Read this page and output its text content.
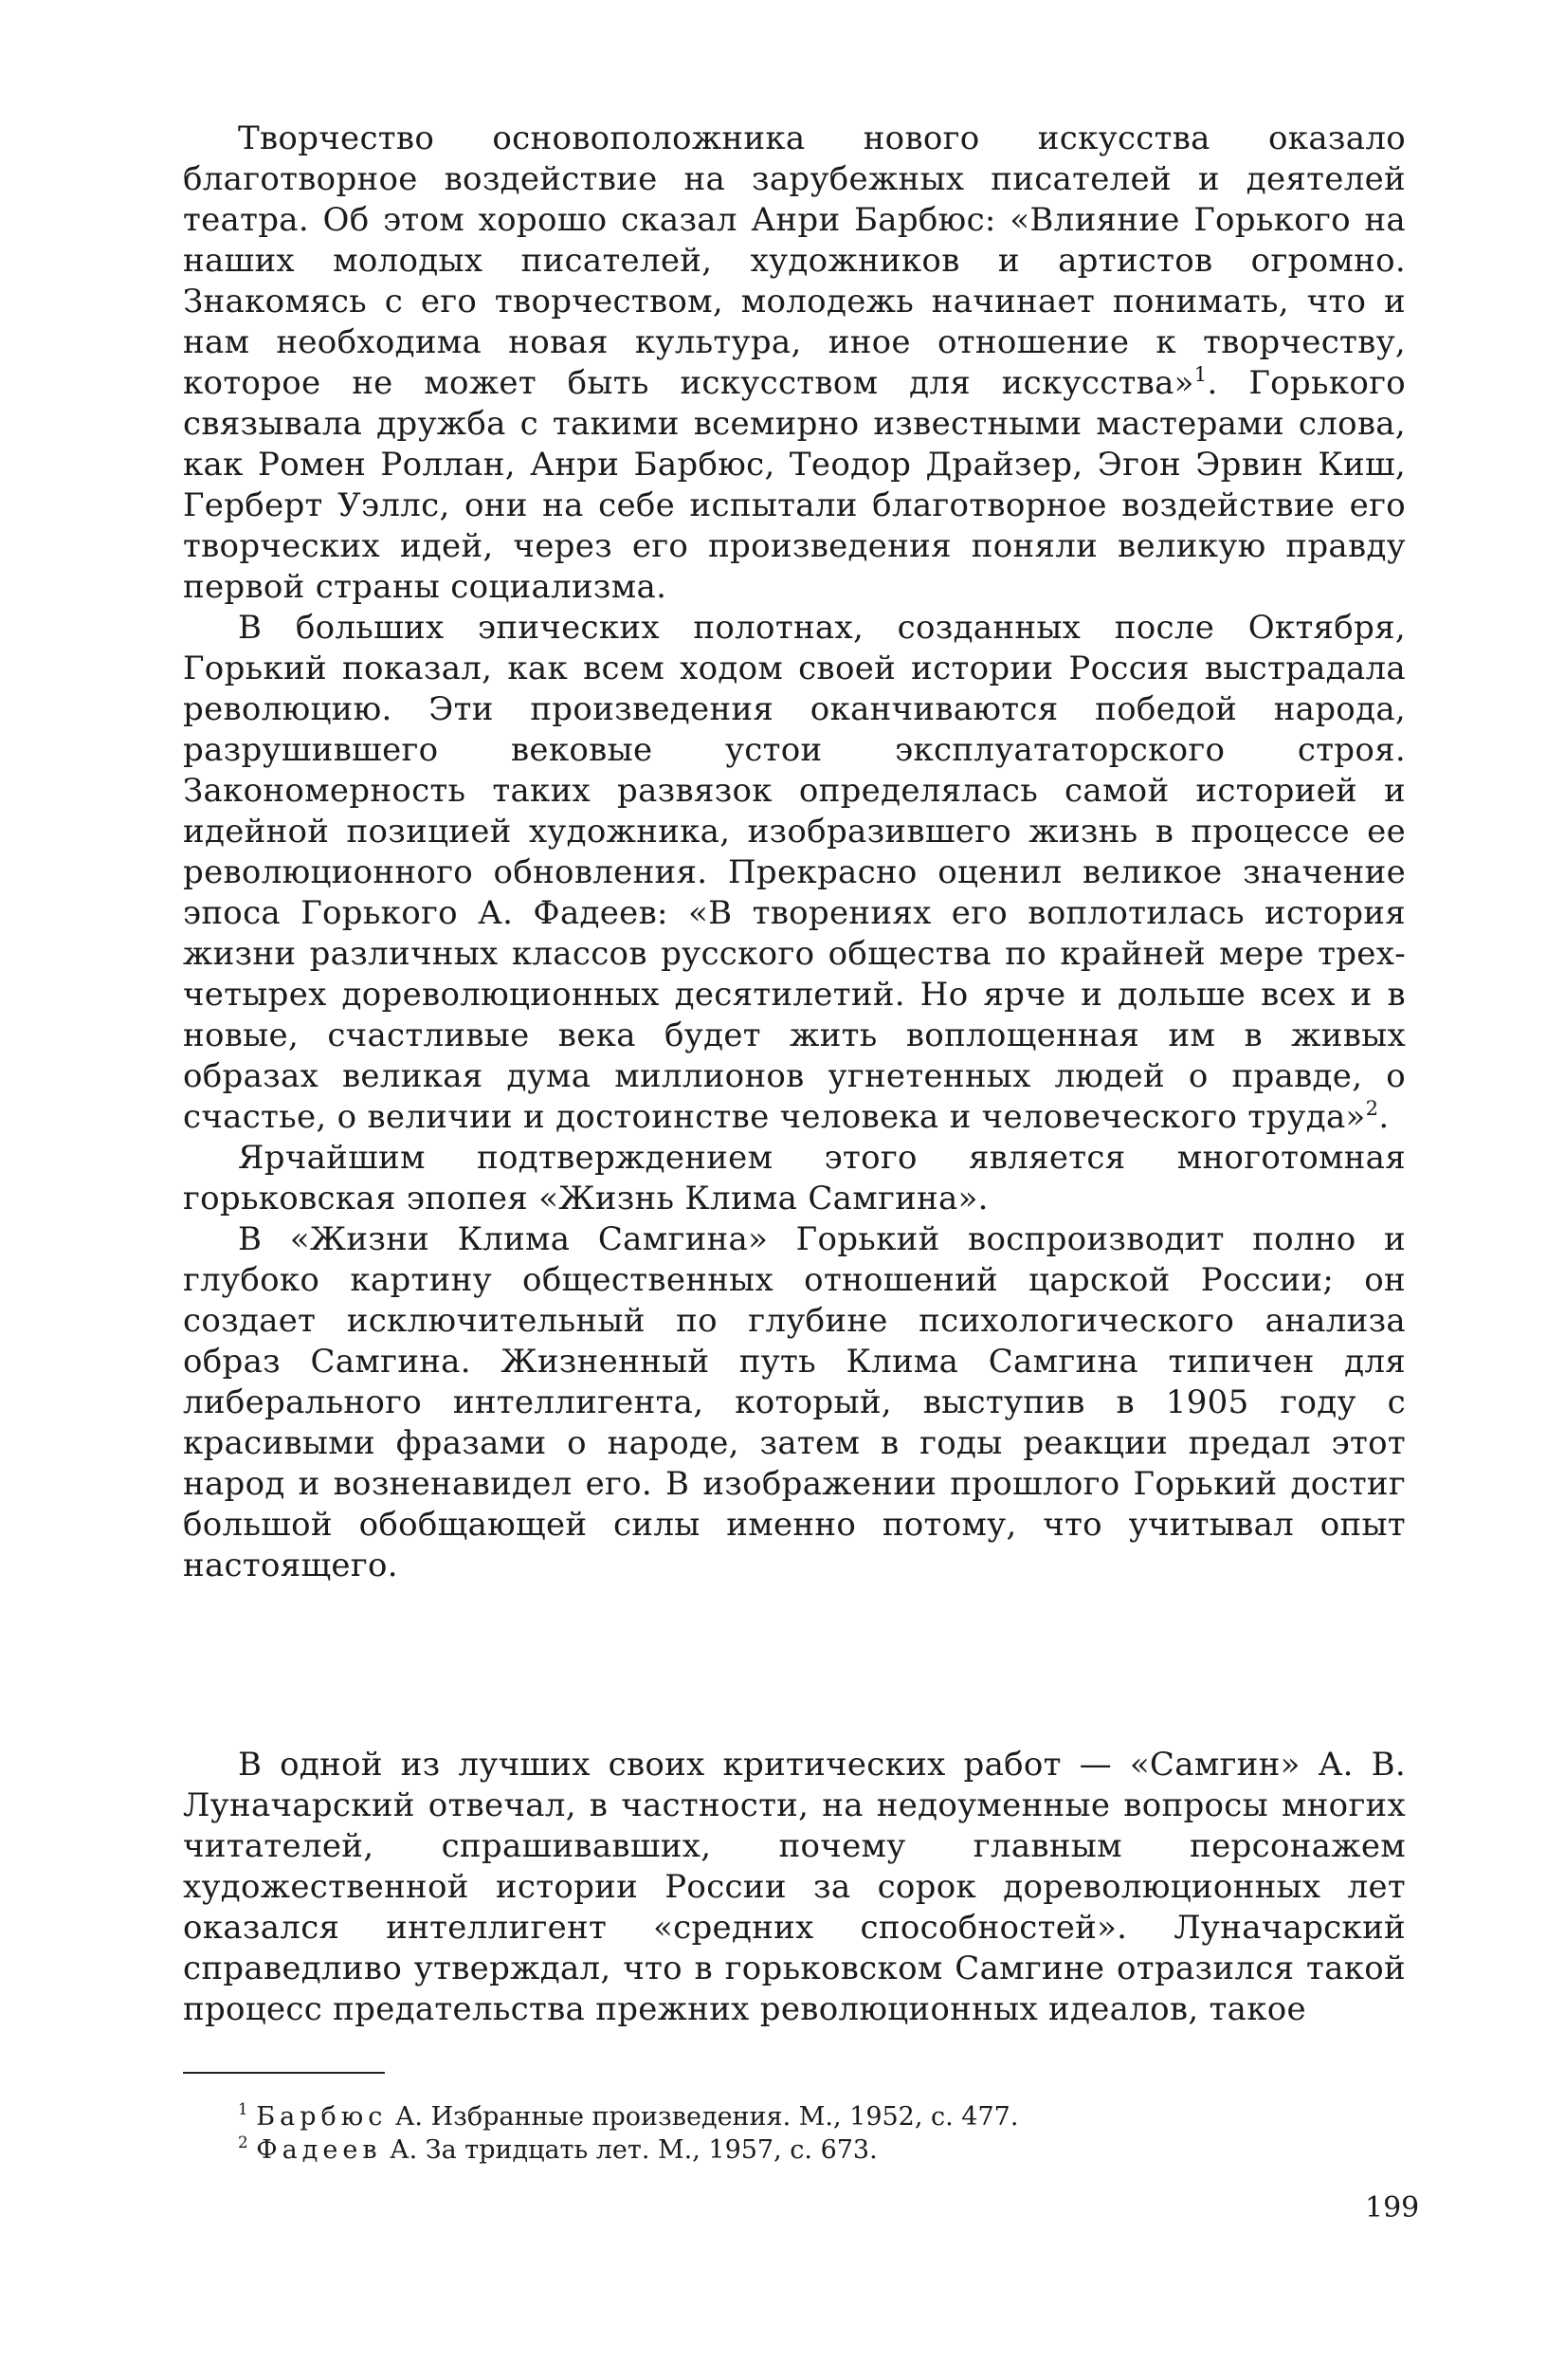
Творчество основоположника нового искусства оказало благотворное воздействие на зарубежных писателей и деятелей театра. Об этом хорошо сказал Анри Барбюс: «Влияние Горького на наших молодых писателей, художников и артистов огромно. Знакомясь с его творчеством, молодежь начинает понимать, что и нам необходима новая культура, иное отношение к творчеству, которое не может быть искусством для искусства»$^1$. Горького связывала дружба с такими всемирно известными мастерами слова, как Ромен Роллан, Анри Барбюс, Теодор Драйзер, Эгон Эрвин Киш, Герберт Уэллс, они на себе испытали благотворное воздействие его творческих идей, через его произведения поняли великую правду первой страны социализма.

В больших эпических полотнах, созданных после Октября, Горький показал, как всем ходом своей истории Россия выстрадала революцию. Эти произведения оканчиваются победой народа, разрушившего вековые устои эксплуататорского строя. Закономерность таких развязок определялась самой историей и идейной позицией художника, изобразившего жизнь в процессе ее революционного обновления. Прекрасно оценил великое значение эпоса Горького А. Фадеев: «В творениях его воплотилась история жизни различных классов русского общества по крайней мере трех-четырех дореволюционных десятилетий. Но ярче и дольше всех и в новые, счастливые века будет жить воплощенная им в живых образах великая дума миллионов угнетенных людей о правде, о счастье, о величии и достоинстве человека и человеческого труда»$^2$.

Ярчайшим подтверждением этого является многотомная горьковская эпопея «Жизнь Клима Самгина».

В «Жизни Клима Самгина» Горький воспроизводит полно и глубоко картину общественных отношений царской России; он создает исключительный по глубине психологического анализа образ Самгина. Жизненный путь Клима Самгина типичен для либерального интеллигента, который, выступив в 1905 году с красивыми фразами о народе, затем в годы реакции предал этот народ и возненавидел его. В изображении прошлого Горький достиг большой обобщающей силы именно потому, что учитывал опыт настоящего.

В одной из лучших своих критических работ — «Самгин» А. В. Луначарский отвечал, в частности, на недоуменные вопросы многих читателей, спрашивавших, почему главным персонажем художественной истории России за сорок дореволюционных лет оказался интеллигент «средних способностей». Луначарский справедливо утверждал, что в горьковском Самгине отразился такой процесс предательства прежних революционных идеалов, такое

$^1$ Барбюс А. Избранные произведения. М., 1952, с. 477.

$^2$ Фадеев А. За тридцать лет. М., 1957, с. 673.

199
